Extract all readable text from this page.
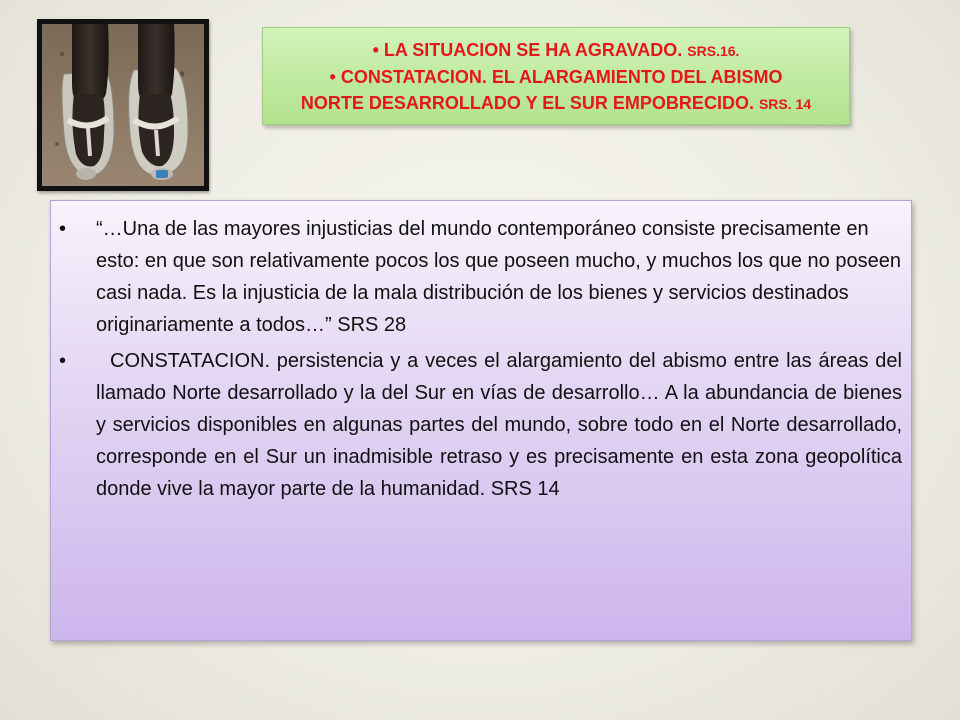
• LA SITUACION SE HA AGRAVADO. SRS.16.
• CONSTATACION. EL ALARGAMIENTO DEL ABISMO
NORTE DESARROLLADO Y EL SUR EMPOBRECIDO. SRS. 14
• “…Una de las mayores injusticias del mundo contemporáneo consiste precisamente en esto: en que son relativamente pocos los que poseen mucho, y muchos los que no poseen casi nada. Es la injusticia de la mala distribución de los bienes y servicios destinados originariamente a todos…” SRS 28
• CONSTATACION. persistencia y a veces el alargamiento del abismo entre las áreas del llamado Norte desarrollado y la del Sur en vías de desarrollo… A la abundancia de bienes y servicios disponibles en algunas partes del mundo, sobre todo en el Norte desarrollado, corresponde en el Sur un inadmisible retraso y es precisamente en esta zona geopolítica donde vive la mayor parte de la humanidad. SRS 14
